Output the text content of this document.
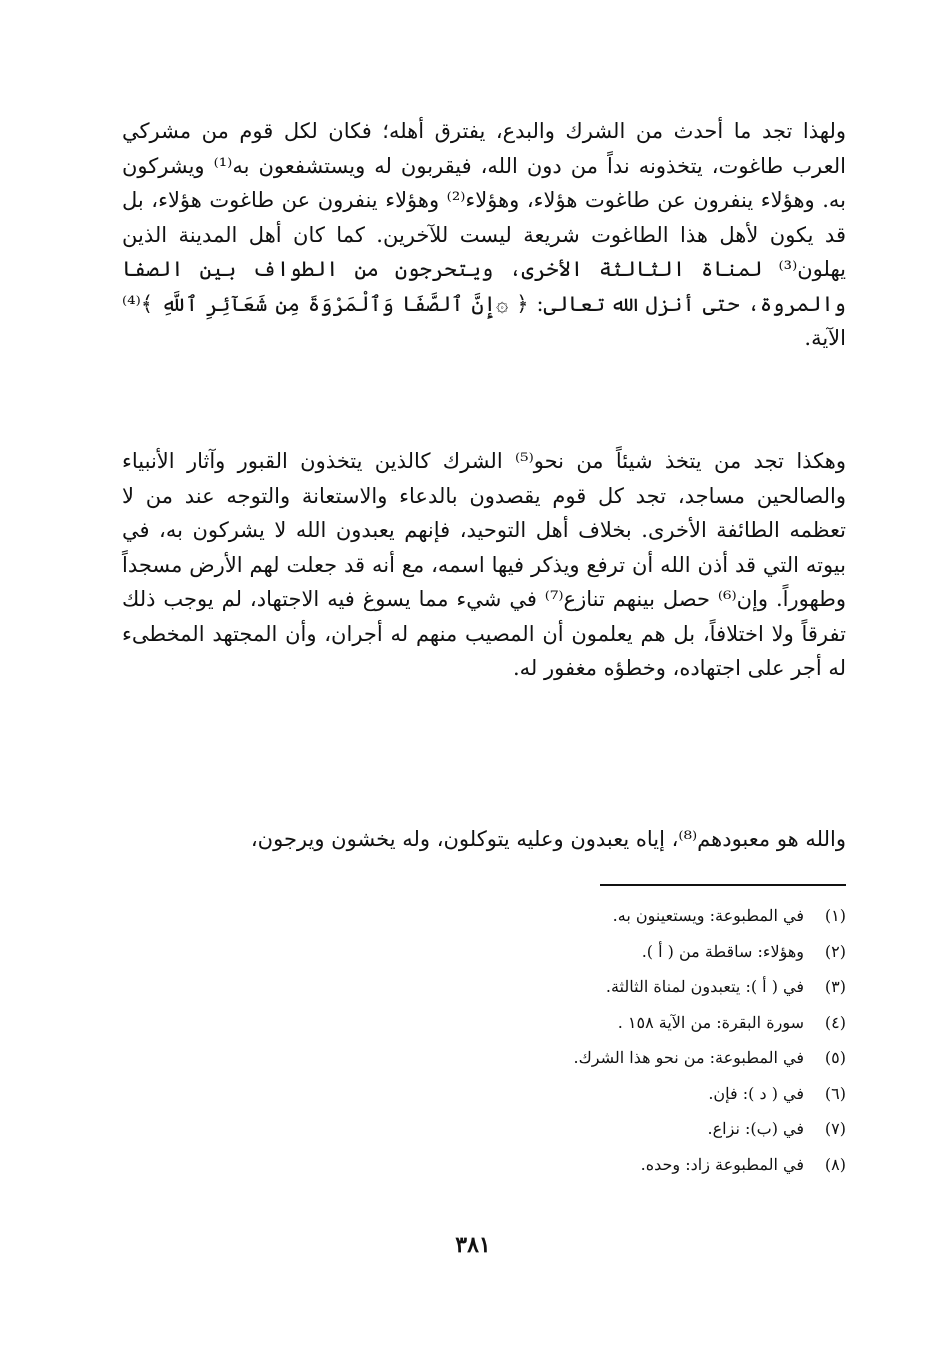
ولهذا تجد ما أحدث من الشرك والبدع، يفترق أهله؛ فكان لكل قوم من مشركي العرب طاغوت، يتخذونه نداً من دون الله، فيقربون له ويستشفعون به⁽¹⁾ ويشركون به. وهؤلاء ينفرون عن طاغوت هؤلاء، وهؤلاء⁽²⁾ وهؤلاء ينفرون عن طاغوت هؤلاء، بل قد يكون لأهل هذا الطاغوت شريعة ليست للآخرين. كما كان أهل المدينة الذين يهلون⁽³⁾ لمناة الثالثة الأخرى، ويتحرجون من الطواف بين الصفا والمروة، حتى أنزل الله تعالى: ﴿ ۞إِنَّ ٱلصَّفَا وَٱلْمَرْوَةَ مِن شَعَآئِرِ ٱللَّهِ ﴾⁽⁴⁾ الآية.

وهكذا تجد من يتخذ شيئاً من نحو⁽⁵⁾ الشرك كالذين يتخذون القبور وآثار الأنبياء والصالحين مساجد، تجد كل قوم يقصدون بالدعاء والاستعانة والتوجه عند من لا تعظمه الطائفة الأخرى. بخلاف أهل التوحيد، فإنهم يعبدون الله لا يشركون به، في بيوته التي قد أذن الله أن ترفع ويذكر فيها اسمه، مع أنه قد جعلت لهم الأرض مسجداً وطهوراً. وإن⁽⁶⁾ حصل بينهم تنازع⁽⁷⁾ في شيء مما يسوغ فيه الاجتهاد، لم يوجب ذلك تفرقاً ولا اختلافاً، بل هم يعلمون أن المصيب منهم له أجران، وأن المجتهد المخطىء له أجر على اجتهاده، وخطؤه مغفور له.

والله هو معبودهم⁽⁸⁾، إياه يعبدون وعليه يتوكلون، وله يخشون ويرجون،

(١)في المطبوعة: ويستعينون به.
(٢)وهؤلاء: ساقطة من ( أ ).
(٣)في ( أ ): يتعبدون لمناة الثالثة.
(٤)سورة البقرة: من الآية ١٥٨ .
(٥)في المطبوعة: من نحو هذا الشرك.
(٦)في ( د ): فإن.
(٧)في (ب): نزاع.
(٨)في المطبوعة زاد: وحده.
٣٨١
